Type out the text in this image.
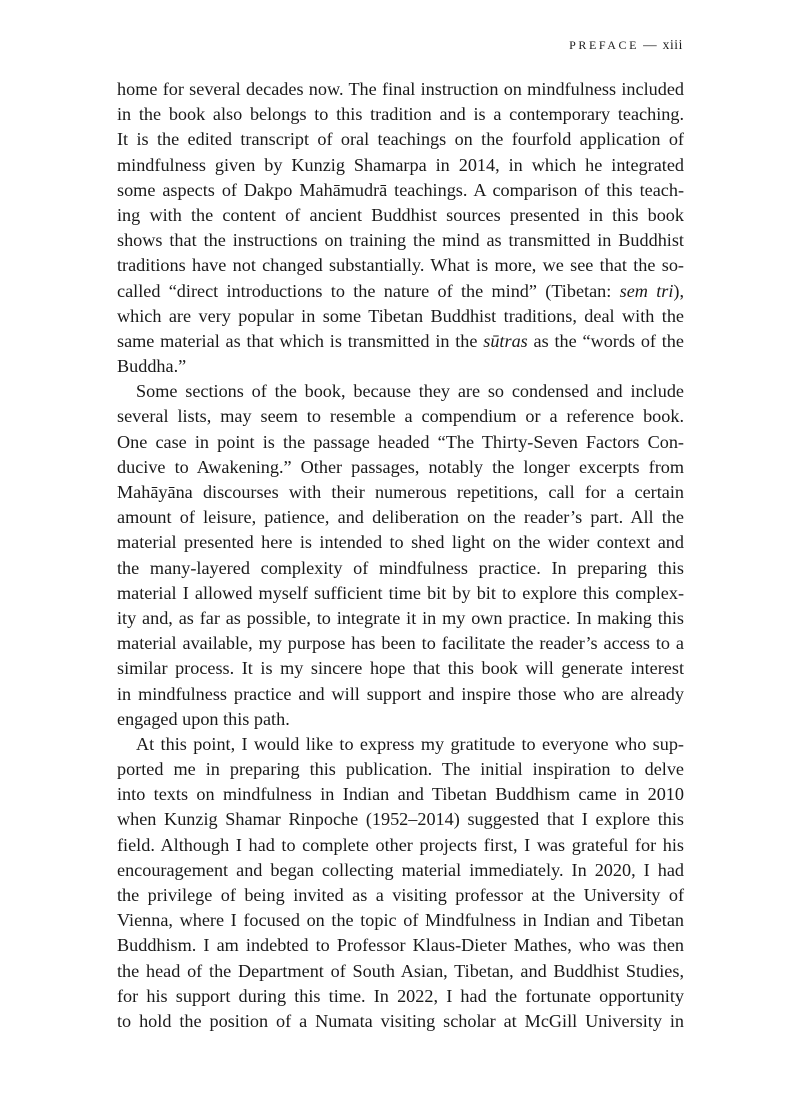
PREFACE — xiii

home for several decades now. The final instruction on mindfulness included
in the book also belongs to this tradition and is a contemporary teaching.
It is the edited transcript of oral teachings on the fourfold application of
mindfulness given by Kunzig Shamarpa in 2014, in which he integrated
some aspects of Dakpo Mahāmudrā teachings. A comparison of this teach-
ing with the content of ancient Buddhist sources presented in this book
shows that the instructions on training the mind as transmitted in Buddhist
traditions have not changed substantially. What is more, we see that the so-
called “direct introductions to the nature of the mind” (Tibetan: sem tri),
which are very popular in some Tibetan Buddhist traditions, deal with the
same material as that which is transmitted in the sūtras as the “words of the
Buddha.”

Some sections of the book, because they are so condensed and include
several lists, may seem to resemble a compendium or a reference book.
One case in point is the passage headed “The Thirty-Seven Factors Con-
ducive to Awakening.” Other passages, notably the longer excerpts from
Mahāyāna discourses with their numerous repetitions, call for a certain
amount of leisure, patience, and deliberation on the reader’s part. All the
material presented here is intended to shed light on the wider context and
the many-layered complexity of mindfulness practice. In preparing this
material I allowed myself sufficient time bit by bit to explore this complex-
ity and, as far as possible, to integrate it in my own practice. In making this
material available, my purpose has been to facilitate the reader’s access to a
similar process. It is my sincere hope that this book will generate interest
in mindfulness practice and will support and inspire those who are already
engaged upon this path.

At this point, I would like to express my gratitude to everyone who sup-
ported me in preparing this publication. The initial inspiration to delve
into texts on mindfulness in Indian and Tibetan Buddhism came in 2010
when Kunzig Shamar Rinpoche (1952–2014) suggested that I explore this
field. Although I had to complete other projects first, I was grateful for his
encouragement and began collecting material immediately. In 2020, I had
the privilege of being invited as a visiting professor at the University of
Vienna, where I focused on the topic of Mindfulness in Indian and Tibetan
Buddhism. I am indebted to Professor Klaus-Dieter Mathes, who was then
the head of the Department of South Asian, Tibetan, and Buddhist Studies,
for his support during this time. In 2022, I had the fortunate opportunity
to hold the position of a Numata visiting scholar at McGill University in
